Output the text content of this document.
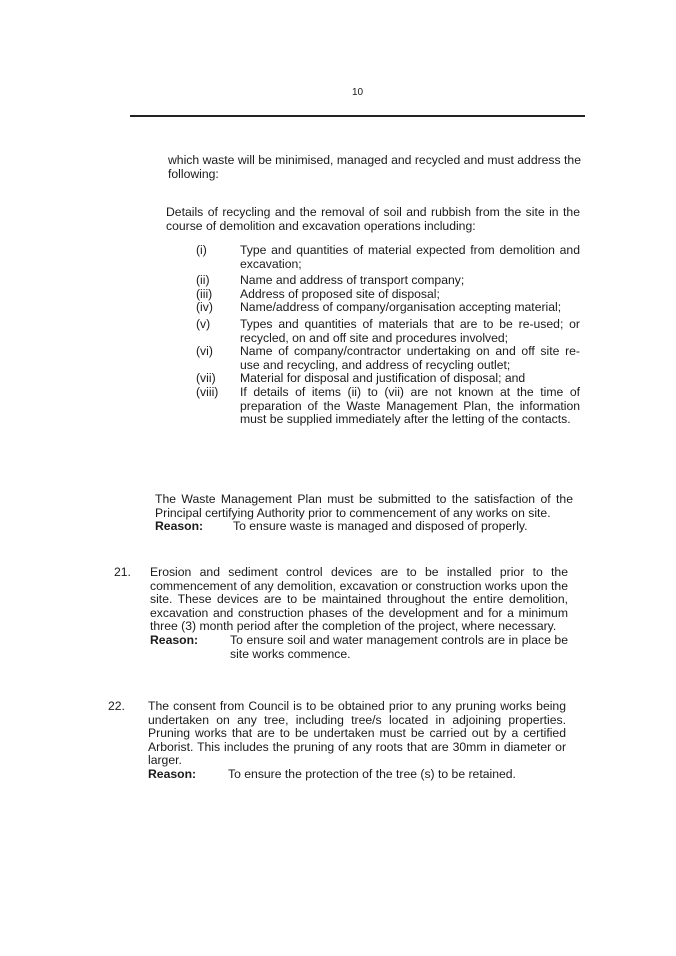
10
which waste will be minimised, managed and recycled and must address the following:
Details of recycling and the removal of soil and rubbish from the site in the course of demolition and excavation operations including:
(i)	Type and quantities of material expected from demolition and excavation;
(ii)	Name and address of transport company;
(iii)	Address of proposed site of disposal;
(iv)	Name/address of company/organisation accepting material;
(v)	Types and quantities of materials that are to be re-used; or recycled, on and off site and procedures involved;
(vi)	Name of company/contractor undertaking on and off site re-use and recycling, and address of recycling outlet;
(vii)	Material for disposal and justification of disposal; and
(viii)	If details of items (ii) to (vii) are not known at the time of preparation of the Waste Management Plan, the information must be supplied immediately after the letting of the contacts.
The Waste Management Plan must be submitted to the satisfaction of the Principal certifying Authority prior to commencement of any works on site.
Reason:	To ensure waste is managed and disposed of properly.
21. Erosion and sediment control devices are to be installed prior to the commencement of any demolition, excavation or construction works upon the site. These devices are to be maintained throughout the entire demolition, excavation and construction phases of the development and for a minimum three (3) month period after the completion of the project, where necessary.
Reason:	To ensure soil and water management controls are in place be site works commence.
22. The consent from Council is to be obtained prior to any pruning works being undertaken on any tree, including tree/s located in adjoining properties. Pruning works that are to be undertaken must be carried out by a certified Arborist. This includes the pruning of any roots that are 30mm in diameter or larger.
Reason:	To ensure the protection of the tree (s) to be retained.
